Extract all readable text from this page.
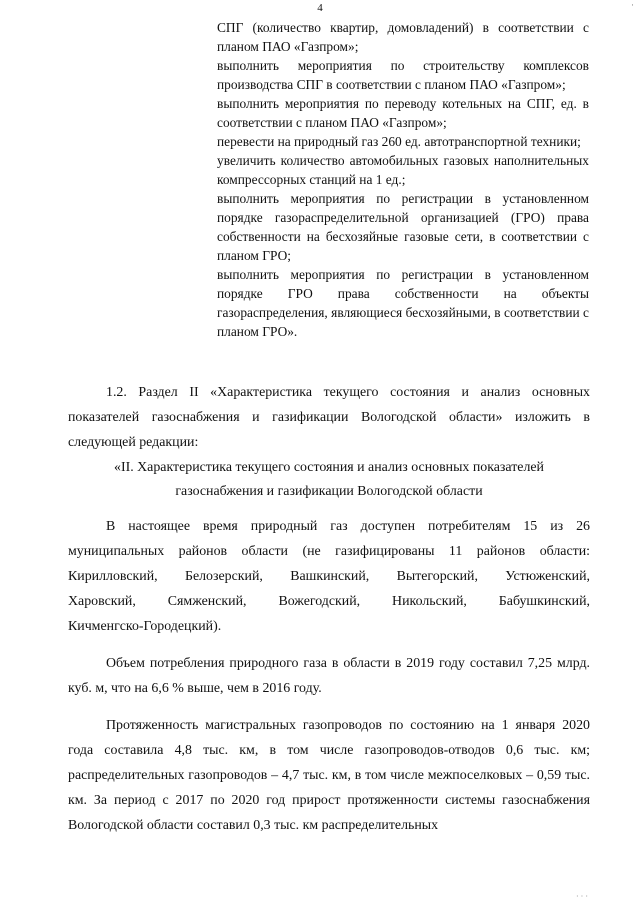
4	·

СПГ (количество квартир, домовладений) в соответствии с планом ПАО «Газпром»;

выполнить мероприятия по строительству комплексов производства СПГ в соответствии с планом ПАО «Газпром»;

выполнить мероприятия по переводу котельных на СПГ, ед. в соответствии с планом ПАО «Газпром»;

перевести на природный газ 260 ед. автотранспортной техники;

увеличить количество автомобильных газовых наполнительных компрессорных станций на 1 ед.;

выполнить мероприятия по регистрации в установленном порядке газораспределительной организацией (ГРО) права собственности на бесхозяйные газовые сети, в соответствии с планом ГРО;

выполнить мероприятия по регистрации в установленном порядке ГРО права собственности на объекты газораспределения, являющиеся бесхозяйными, в соответствии с планом ГРО».

1.2. Раздел II «Характеристика текущего состояния и анализ основных показателей газоснабжения и газификации Вологодской области» изложить в следующей редакции:

«II. Характеристика текущего состояния и анализ основных показателей
газоснабжения и газификации Вологодской области

В настоящее время природный газ доступен потребителям 15 из 26
муниципальных районов области (не газифицированы 11 районов области:
Кирилловский, Белозерский, Вашкинский, Вытегорский, Устюженский,
Харовский, Сямженский, Вожегодский, Никольский, Бабушкинский,
Кичменгско-Городецкий).

Объем потребления природного газа в области в 2019 году составил 7,25 млрд. куб. м, что на 6,6 % выше, чем в 2016 году.

Протяженность магистральных газопроводов по состоянию на 1 января 2020 года составила 4,8 тыс. км, в том числе газопроводов-отводов 0,6 тыс. км; распределительных газопроводов – 4,7 тыс. км, в том числе межпоселковых – 0,59 тыс. км. За период с 2017 по 2020 год прирост протяженности системы газоснабжения Вологодской области составил 0,3 тыс. км распределительных

· · ·
